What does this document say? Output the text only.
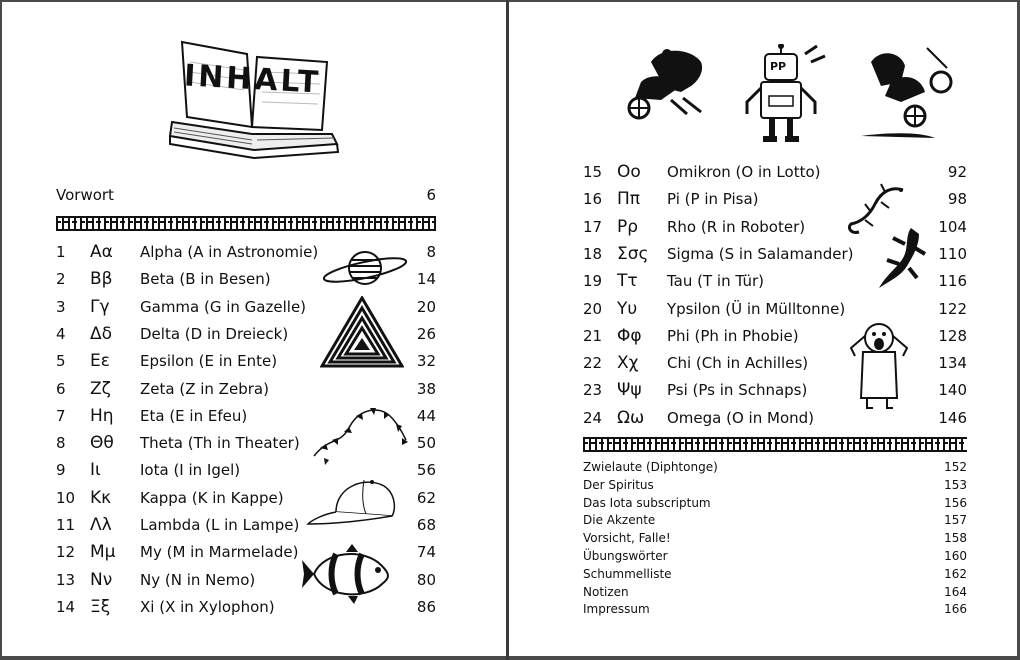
INHALT
Vorwort	6
1 Αα Alpha (A in Astronomie)	8
2 Ββ Beta (B in Besen)	14
3 Γγ Gamma (G in Gazelle)	20
4 Δδ Delta (D in Dreieck)	26
5 Εε Epsilon (E in Ente)	32
6 Ζζ Zeta (Z in Zebra)	38
7 Ηη Eta (E in Efeu)	44
8 Θθ Theta (Th in Theater)	50
9 Ιι	Iota (I in Igel)	56
10 Κκ Kappa (K in Kappe)	62
11 Λλ Lambda (L in Lampe)	68
12 Μμ My (M in Marmelade)	74
13 Νν Ny (N in Nemo)	80
14 Ξξ Xi (X in Xylophon)	86
PP
15 Οο Omikron (O in Lotto)	92
16 Ππ Pi (P in Pisa)	98
17 Ρρ Rho (R in Roboter)	104
18 Σσς Sigma (S in Salamander)	110
19 Ττ Tau (T in Tür)	116
20 Υυ Ypsilon (Ü in Mülltonne)	122
21 Φφ Phi (Ph in Phobie)	128
22 Χχ Chi (Ch in Achilles)	134
23 Ψψ Psi (Ps in Schnaps)	140
24 Ωω Omega (O in Mond)	146
Zwielaute (Diphtonge)	152
Der Spiritus	153
Das Iota subscriptum	156
Die Akzente	157
Vorsicht, Falle!	158
Übungswörter	160
Schummelliste	162
Notizen	164
Impressum	166
